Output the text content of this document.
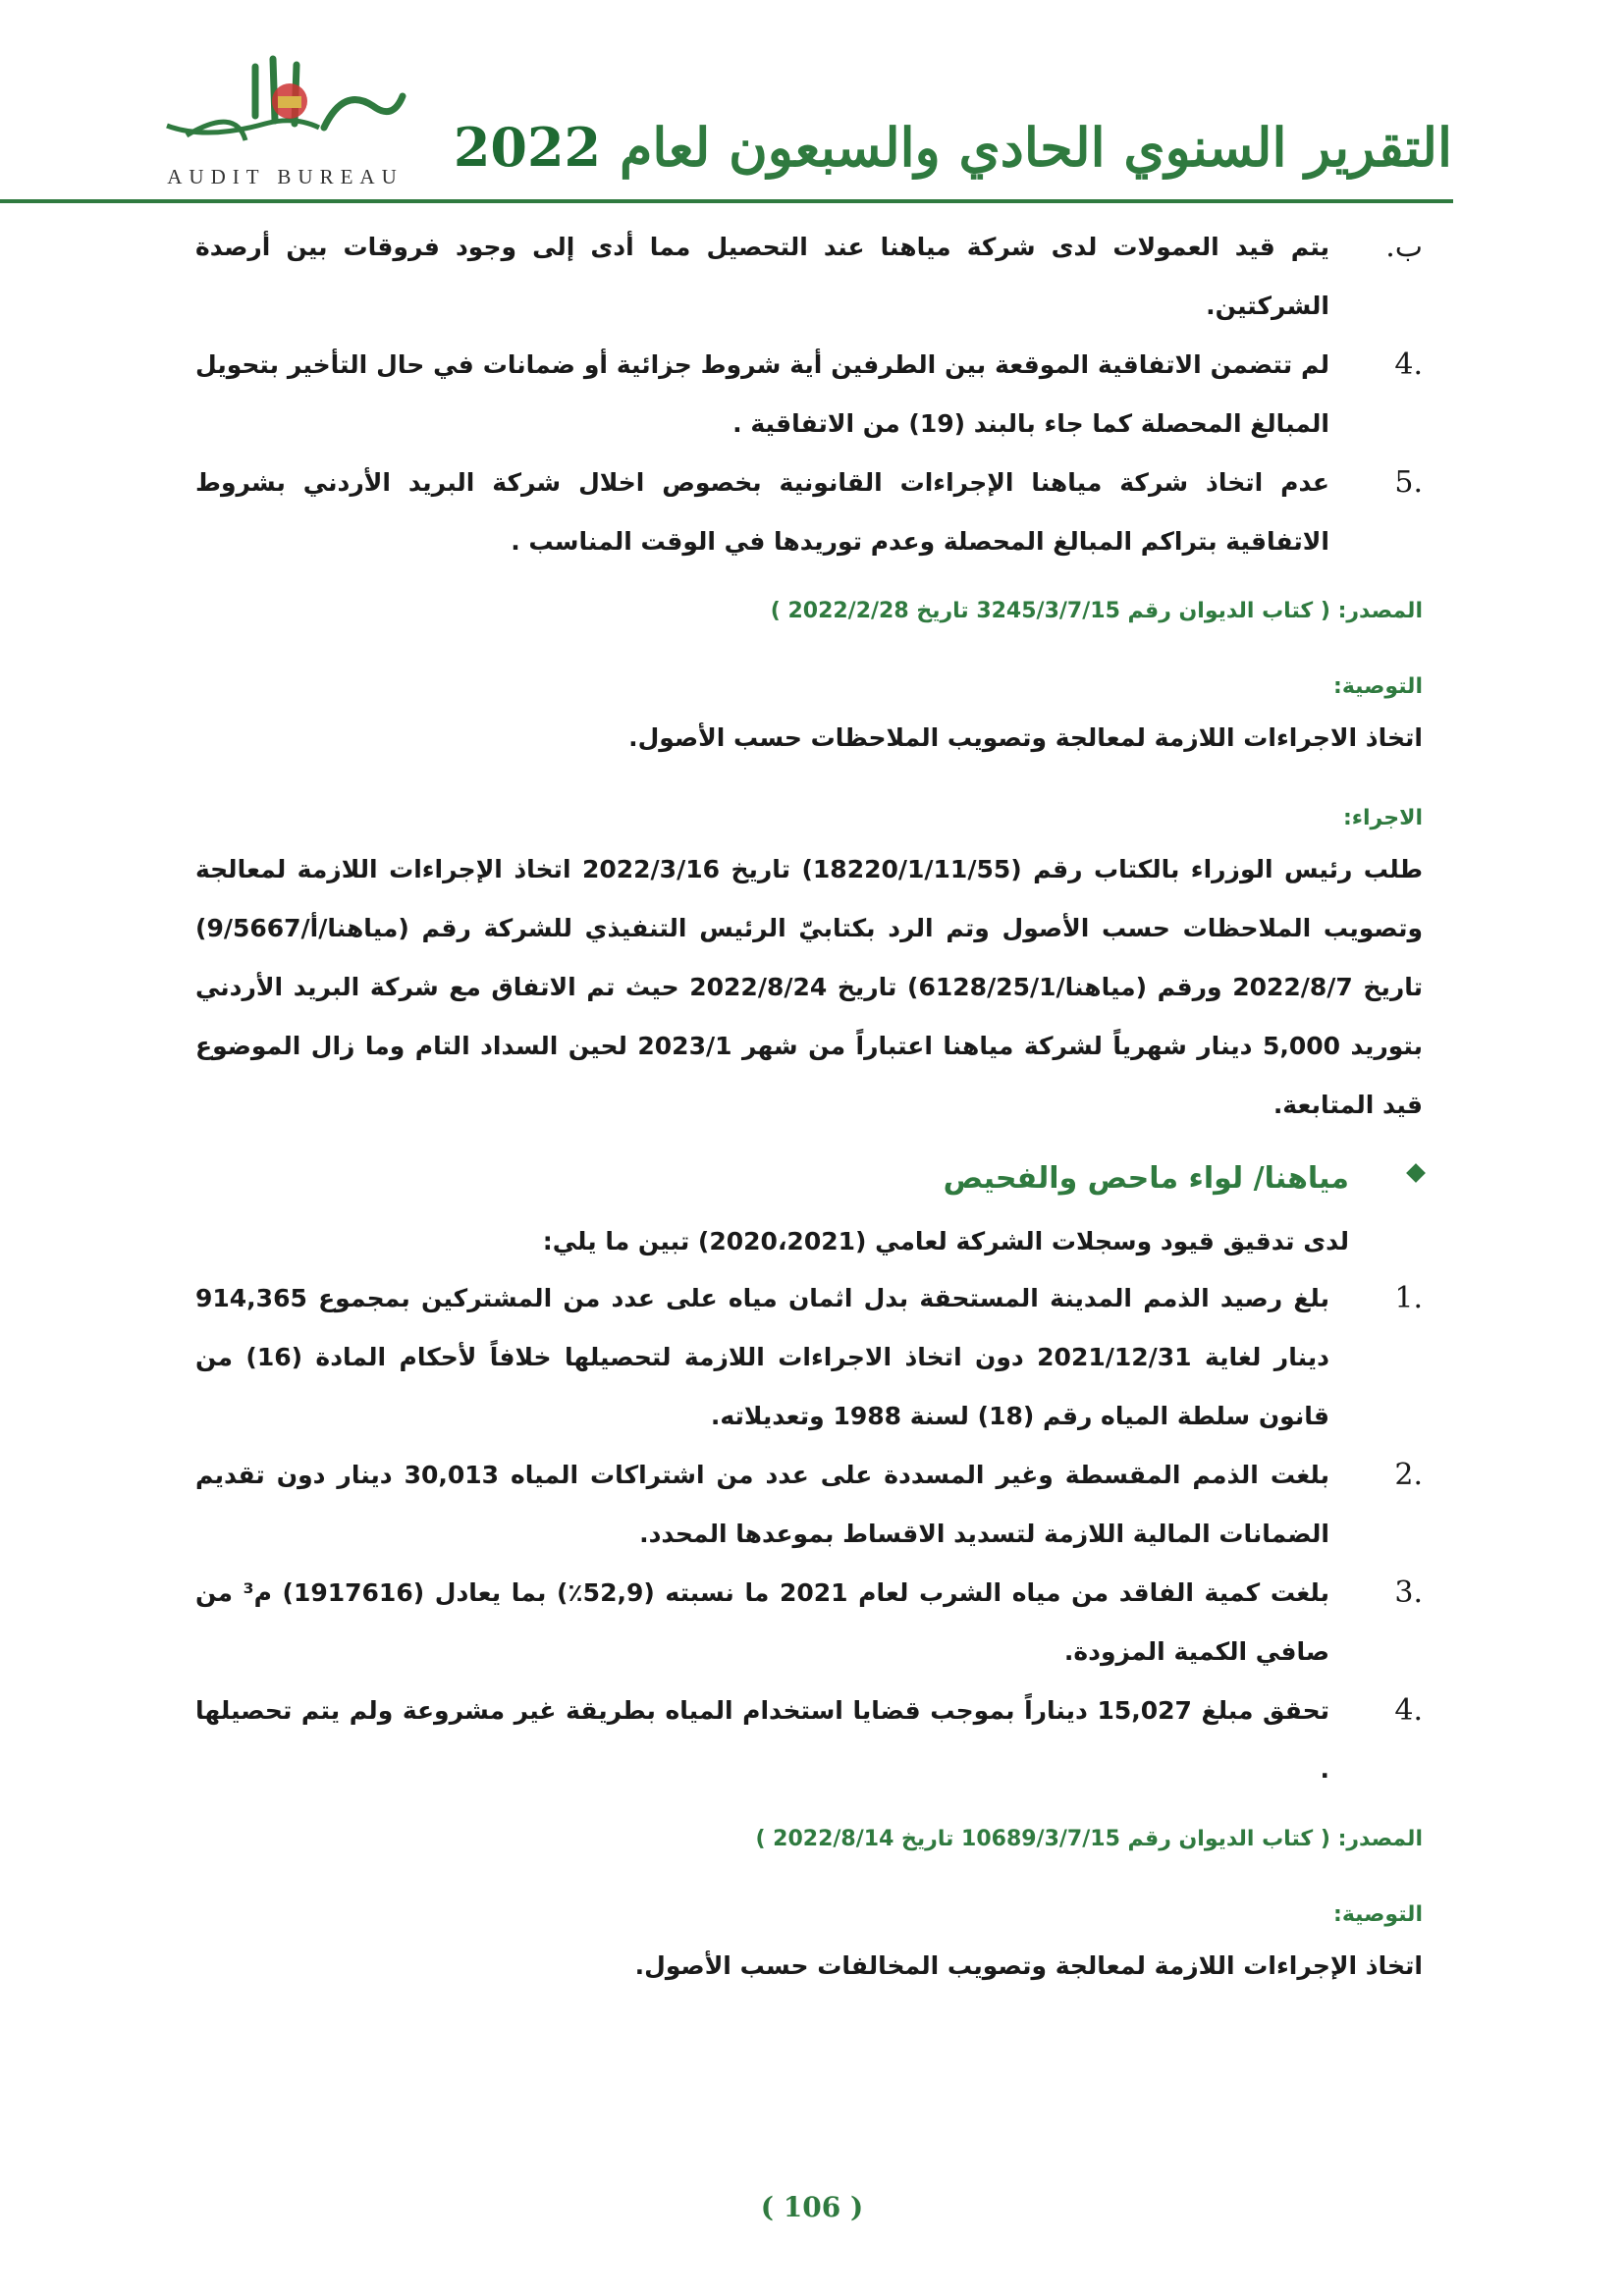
AUDIT BUREAU	التقرير السنوي الحادي والسبعون لعام 2022
ب.
يتم قيد العمولات لدى شركة مياهنا عند التحصيل مما أدى إلى وجود فروقات بين أرصدة الشركتين.
.4
لم تتضمن الاتفاقية الموقعة بين الطرفين أية شروط جزائية أو ضمانات في حال التأخير بتحويل المبالغ المحصلة كما جاء بالبند (19) من الاتفاقية .
.5
عدم اتخاذ شركة مياهنا الإجراءات القانونية بخصوص اخلال شركة البريد الأردني بشروط الاتفاقية بتراكم المبالغ المحصلة وعدم توريدها في الوقت المناسب .
المصدر: ( كتاب الديوان رقم 3245/3/7/15 تاريخ 2022/2/28 )
التوصية:
اتخاذ الاجراءات اللازمة لمعالجة وتصويب الملاحظات حسب الأصول.
الاجراء:
طلب رئيس الوزراء بالكتاب رقم (18220/1/11/55) تاريخ 2022/3/16 اتخاذ الإجراءات اللازمة لمعالجة وتصويب الملاحظات حسب الأصول وتم الرد بكتابيّ الرئيس التنفيذي للشركة رقم (مياهنا/أ/9/5667) تاريخ 2022/8/7 ورقم (مياهنا/6128/25/1) تاريخ 2022/8/24 حيث تم الاتفاق مع شركة البريد الأردني بتوريد 5,000 دينار شهرياً لشركة مياهنا اعتباراً من شهر 2023/1 لحين السداد التام وما زال الموضوع قيد المتابعة.
مياهنا/ لواء ماحص والفحيص
لدى تدقيق قيود وسجلات الشركة لعامي (2020،2021) تبين ما يلي:
.1
بلغ رصيد الذمم المدينة المستحقة بدل اثمان مياه على عدد من المشتركين بمجموع 914,365 دينار لغاية 2021/12/31 دون اتخاذ الاجراءات اللازمة لتحصيلها خلافاً لأحكام المادة (16) من قانون سلطة المياه رقم (18) لسنة 1988 وتعديلاته.
.2
بلغت الذمم المقسطة وغير المسددة على عدد من اشتراكات المياه 30,013 دينار دون تقديم الضمانات المالية اللازمة لتسديد الاقساط بموعدها المحدد.
.3
بلغت كمية الفاقد من مياه الشرب لعام 2021 ما نسبته (52,9٪) بما يعادل (1917616) م³ من صافي الكمية المزودة.
.4
تحقق مبلغ 15,027 ديناراً بموجب قضايا استخدام المياه بطريقة غير مشروعة ولم يتم تحصيلها .
المصدر: ( كتاب الديوان رقم 10689/3/7/15 تاريخ 2022/8/14 )
التوصية:
اتخاذ الإجراءات اللازمة لمعالجة وتصويب المخالفات حسب الأصول.
( 106 )
